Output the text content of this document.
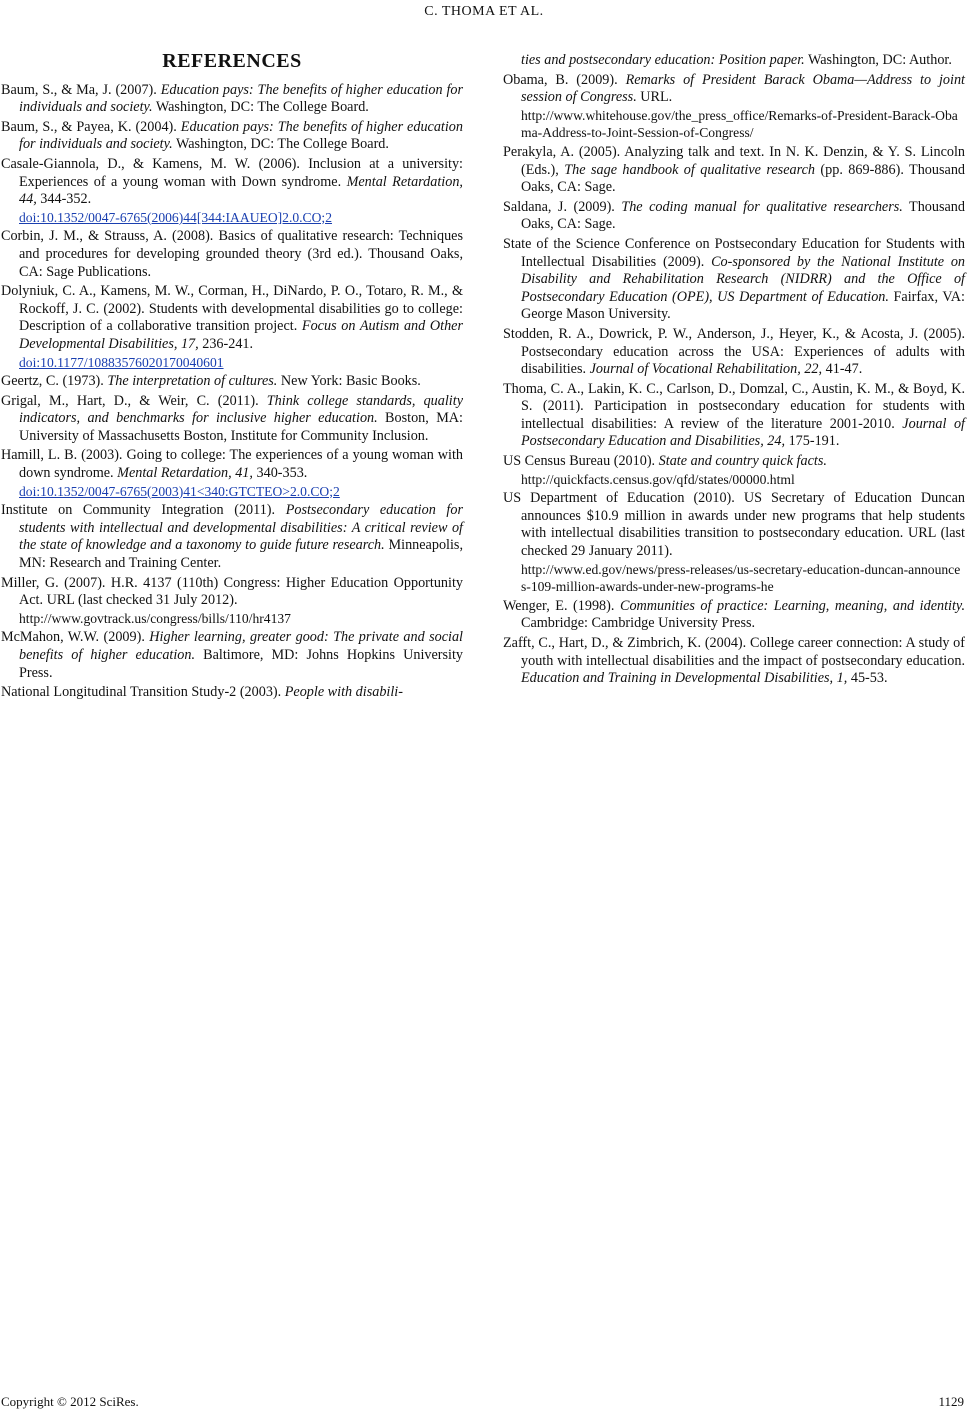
C. THOMA ET AL.
REFERENCES

Baum, S., & Ma, J. (2007). Education pays: The benefits of higher education for individuals and society. Washington, DC: The College Board.

Baum, S., & Payea, K. (2004). Education pays: The benefits of higher education for individuals and society. Washington, DC: The College Board.

Casale-Giannola, D., & Kamens, M. W. (2006). Inclusion at a university: Experiences of a young woman with Down syndrome. Mental Retardation, 44, 344-352.
doi:10.1352/0047-6765(2006)44[344:IAAUEO]2.0.CO;2

Corbin, J. M., & Strauss, A. (2008). Basics of qualitative research: Techniques and procedures for developing grounded theory (3rd ed.). Thousand Oaks, CA: Sage Publications.

Dolyniuk, C. A., Kamens, M. W., Corman, H., DiNardo, P. O., Totaro, R. M., & Rockoff, J. C. (2002). Students with developmental disabilities go to college: Description of a collaborative transition project. Focus on Autism and Other Developmental Disabilities, 17, 236-241.
doi:10.1177/10883576020170040601

Geertz, C. (1973). The interpretation of cultures. New York: Basic Books.

Grigal, M., Hart, D., & Weir, C. (2011). Think college standards, quality indicators, and benchmarks for inclusive higher education. Boston, MA: University of Massachusetts Boston, Institute for Community Inclusion.

Hamill, L. B. (2003). Going to college: The experiences of a young woman with down syndrome. Mental Retardation, 41, 340-353.
doi:10.1352/0047-6765(2003)41<340:GTCTEO>2.0.CO;2

Institute on Community Integration (2011). Postsecondary education for students with intellectual and developmental disabilities: A critical review of the state of knowledge and a taxonomy to guide future research. Minneapolis, MN: Research and Training Center.

Miller, G. (2007). H.R. 4137 (110th) Congress: Higher Education Opportunity Act. URL (last checked 31 July 2012).
http://www.govtrack.us/congress/bills/110/hr4137

McMahon, W.W. (2009). Higher learning, greater good: The private and social benefits of higher education. Baltimore, MD: Johns Hopkins University Press.

National Longitudinal Transition Study-2 (2003). People with disabili-

ties and postsecondary education: Position paper. Washington, DC: Author.

Obama, B. (2009). Remarks of President Barack Obama—Address to joint session of Congress. URL.
http://www.whitehouse.gov/the_press_office/Remarks-of-President-Barack-Obama-Address-to-Joint-Session-of-Congress/

Perakyla, A. (2005). Analyzing talk and text. In N. K. Denzin, & Y. S. Lincoln (Eds.), The sage handbook of qualitative research (pp. 869-886). Thousand Oaks, CA: Sage.

Saldana, J. (2009). The coding manual for qualitative researchers. Thousand Oaks, CA: Sage.

State of the Science Conference on Postsecondary Education for Students with Intellectual Disabilities (2009). Co-sponsored by the National Institute on Disability and Rehabilitation Research (NIDRR) and the Office of Postsecondary Education (OPE), US Department of Education. Fairfax, VA: George Mason University.

Stodden, R. A., Dowrick, P. W., Anderson, J., Heyer, K., & Acosta, J. (2005). Postsecondary education across the USA: Experiences of adults with disabilities. Journal of Vocational Rehabilitation, 22, 41-47.

Thoma, C. A., Lakin, K. C., Carlson, D., Domzal, C., Austin, K. M., & Boyd, K. S. (2011). Participation in postsecondary education for students with intellectual disabilities: A review of the literature 2001-2010. Journal of Postsecondary Education and Disabilities, 24, 175-191.

US Census Bureau (2010). State and country quick facts.
http://quickfacts.census.gov/qfd/states/00000.html

US Department of Education (2010). US Secretary of Education Duncan announces $10.9 million in awards under new programs that help students with intellectual disabilities transition to postsecondary education. URL (last checked 29 January 2011).
http://www.ed.gov/news/press-releases/us-secretary-education-duncan-announces-109-million-awards-under-new-programs-he

Wenger, E. (1998). Communities of practice: Learning, meaning, and identity. Cambridge: Cambridge University Press.

Zafft, C., Hart, D., & Zimbrich, K. (2004). College career connection: A study of youth with intellectual disabilities and the impact of postsecondary education. Education and Training in Developmental Disabilities, 1, 45-53.

Copyright © 2012 SciRes.	1129
